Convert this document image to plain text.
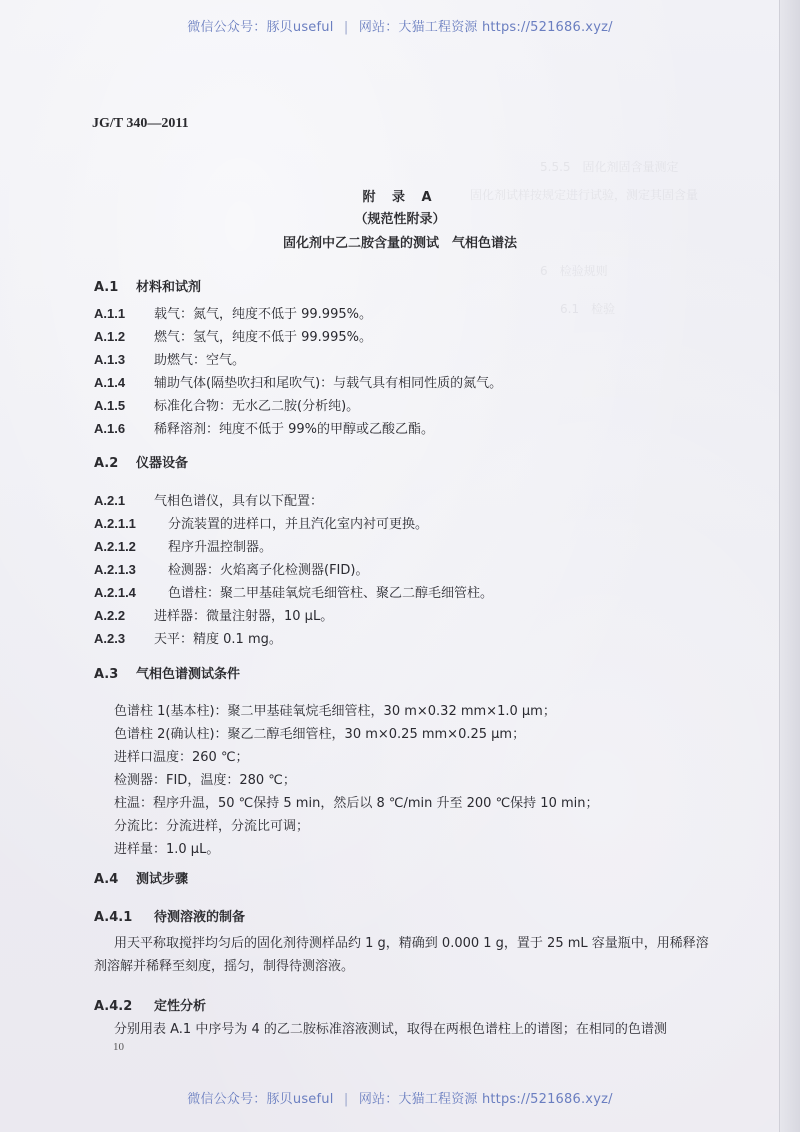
5.5.5　固化剂固含量测定
固化剂试样按规定进行试验，测定其固含量
6　检验规则
6.1　检验
微信公众号：豚贝useful | 网站：大猫工程资源 https://521686.xyz/
JG/T 340—2011
附 录 A
（规范性附录）
固化剂中乙二胺含量的测试　气相色谱法
A.1 材料和试剂
A.1.1 载气：氮气，纯度不低于 99.995%。
A.1.2 燃气：氢气，纯度不低于 99.995%。
A.1.3 助燃气：空气。
A.1.4 辅助气体(隔垫吹扫和尾吹气)：与载气具有相同性质的氮气。
A.1.5 标准化合物：无水乙二胺(分析纯)。
A.1.6 稀释溶剂：纯度不低于 99%的甲醇或乙酸乙酯。
A.2 仪器设备
A.2.1 气相色谱仪，具有以下配置：
A.2.1.1 分流装置的进样口，并且汽化室内衬可更换。
A.2.1.2 程序升温控制器。
A.2.1.3 检测器：火焰离子化检测器(FID)。
A.2.1.4 色谱柱：聚二甲基硅氧烷毛细管柱、聚乙二醇毛细管柱。
A.2.2 进样器：微量注射器，10 μL。
A.2.3 天平：精度 0.1 mg。
A.3 气相色谱测试条件
色谱柱 1(基本柱)：聚二甲基硅氧烷毛细管柱，30 m×0.32 mm×1.0 μm；
色谱柱 2(确认柱)：聚乙二醇毛细管柱，30 m×0.25 mm×0.25 μm；
进样口温度：260 ℃；
检测器：FID，温度：280 ℃；
柱温：程序升温，50 ℃保持 5 min，然后以 8 ℃/min 升至 200 ℃保持 10 min；
分流比：分流进样，分流比可调；
进样量：1.0 μL。
A.4 测试步骤
A.4.1 待测溶液的制备
用天平称取搅拌均匀后的固化剂待测样品约 1 g，精确到 0.000 1 g，置于 25 mL 容量瓶中，用稀释溶剂溶解并稀释至刻度，摇匀，制得待测溶液。
A.4.2 定性分析
分别用表 A.1 中序号为 4 的乙二胺标准溶液测试，取得在两根色谱柱上的谱图；在相同的色谱测
10
微信公众号：豚贝useful | 网站：大猫工程资源 https://521686.xyz/
